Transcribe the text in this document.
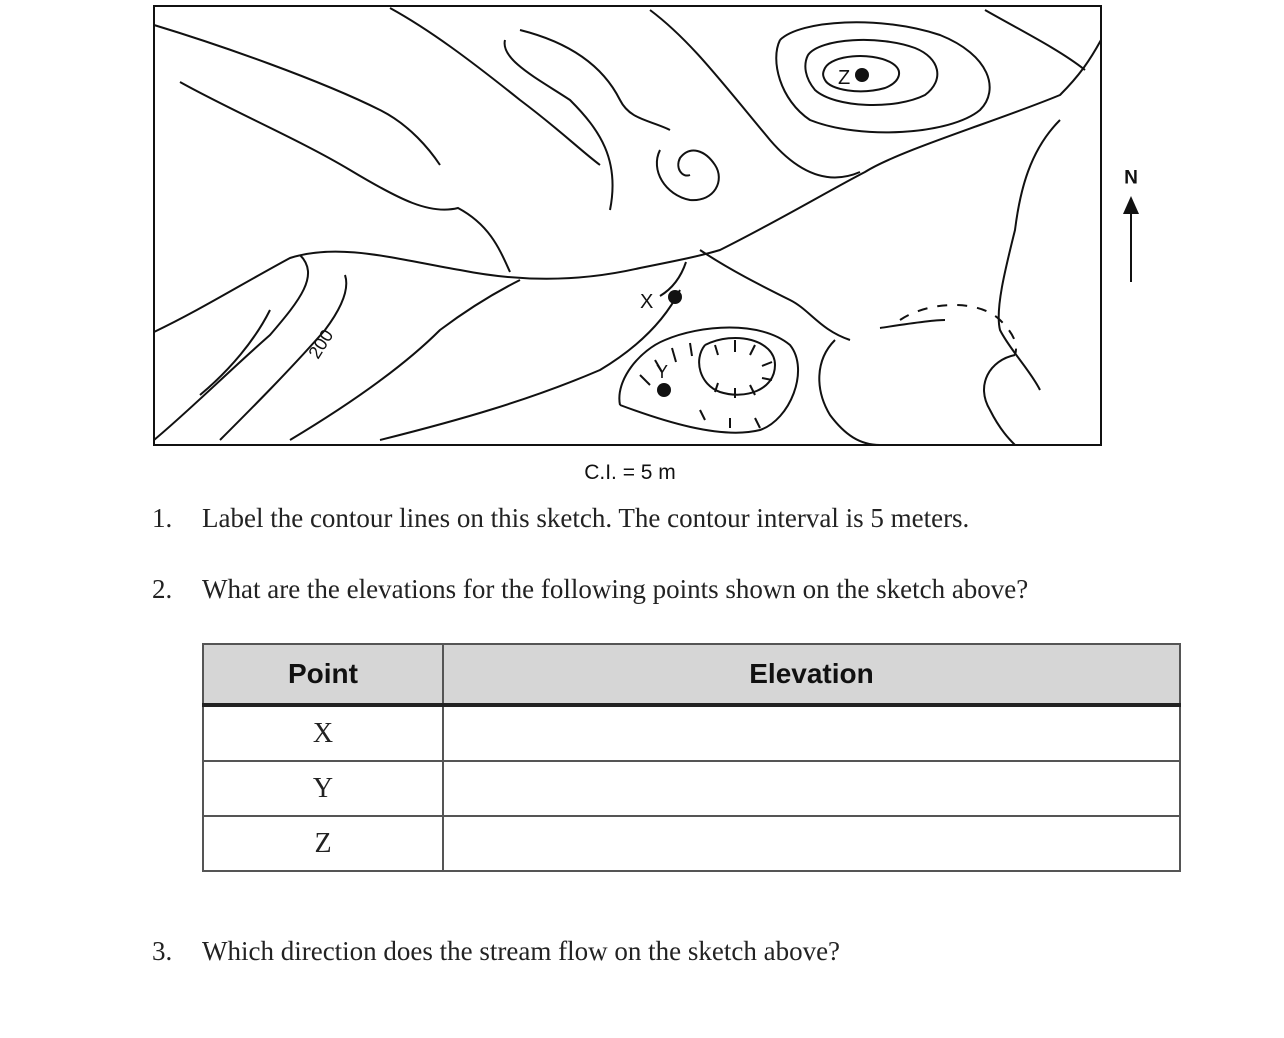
X
Y
Z
200
N
C.I. = 5 m
1. Label the contour lines on this sketch. The contour interval is 5 meters.
2. What are the elevations for the following points shown on the sketch above?
Point	Elevation
X	
Y	
Z	
3. Which direction does the stream flow on the sketch above?
